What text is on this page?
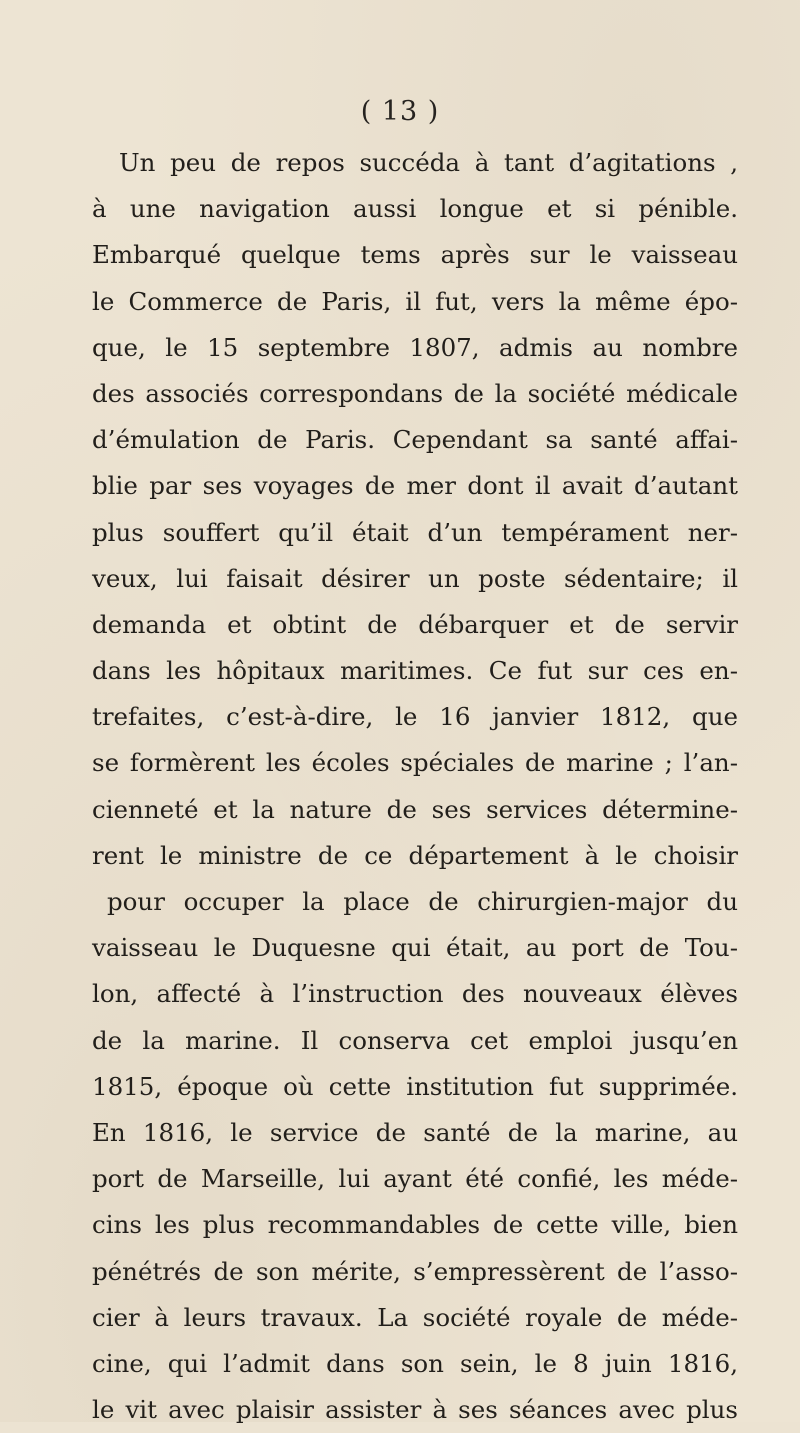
( 13 )
Un peu de repos succéda à tant d’agitations ,
à une navigation aussi longue et si pénible.
Embarqué quelque tems après sur le vaisseau
le Commerce de Paris, il fut, vers la même épo-
que, le 15 septembre 1807, admis au nombre
des associés correspondans de la société médicale
d’émulation de Paris. Cependant sa santé affai-
blie par ses voyages de mer dont il avait d’autant
plus souffert qu’il était d’un tempérament ner-
veux, lui faisait désirer un poste sédentaire; il
demanda et obtint de débarquer et de servir
dans les hôpitaux maritimes. Ce fut sur ces en-
trefaites, c’est-à-dire, le 16 janvier 1812, que
se formèrent les écoles spéciales de marine ; l’an-
cienneté et la nature de ses services détermine-
rent le ministre de ce département à le choisir
pour occuper la place de chirurgien-major du
vaisseau le Duquesne qui était, au port de Tou-
lon, affecté à l’instruction des nouveaux élèves
de la marine. Il conserva cet emploi jusqu’en
1815, époque où cette institution fut supprimée.
En 1816, le service de santé de la marine, au
port de Marseille, lui ayant été confié, les méde-
cins les plus recommandables de cette ville, bien
pénétrés de son mérite, s’empressèrent de l’asso-
cier à leurs travaux. La société royale de méde-
cine, qui l’admit dans son sein, le 8 juin 1816,
le vit avec plaisir assister à ses séances avec plus
